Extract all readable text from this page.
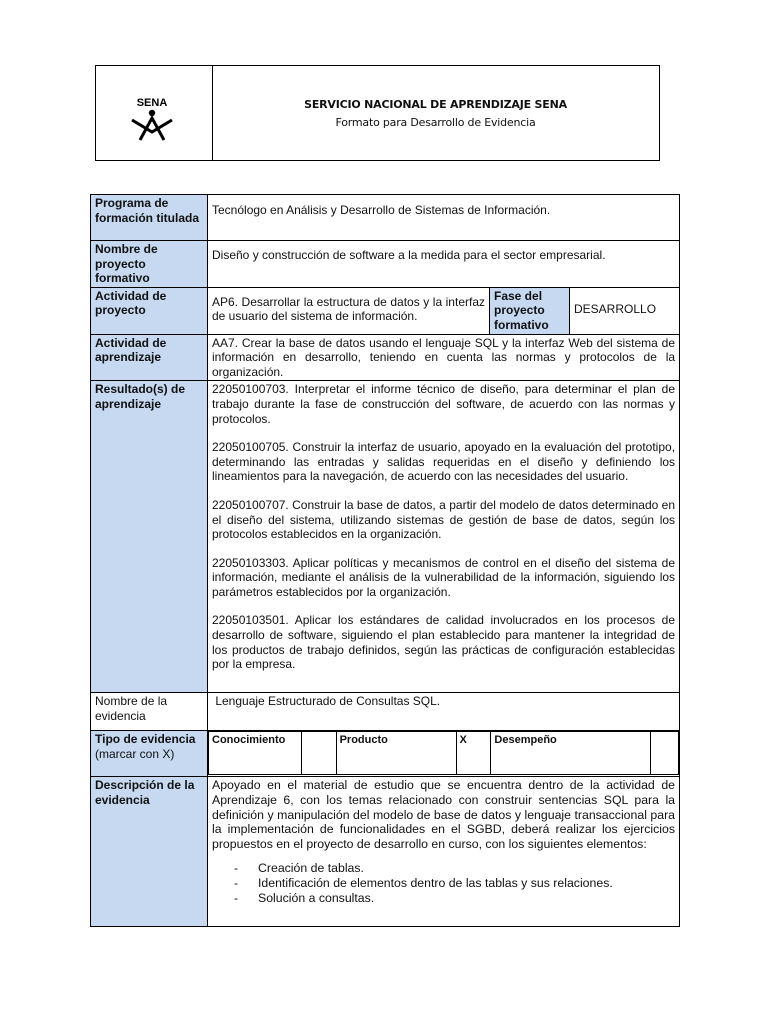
SENA	SERVICIO NACIONAL DE APRENDIZAJE SENA
Formato para Desarrollo de Evidencia
Programa de formación titulada	Tecnólogo en Análisis y Desarrollo de Sistemas de Información.
Nombre de proyecto formativo	Diseño y construcción de software a la medida para el sector empresarial.
Actividad de proyecto	AP6. Desarrollar la estructura de datos y la interfaz de usuario del sistema de información.	Fase del proyecto formativo	DESARROLLO
Actividad de aprendizaje	AA7. Crear la base de datos usando el lenguaje SQL y la interfaz Web del sistema de información en desarrollo, teniendo en cuenta las normas y protocolos de la organización.
Resultado(s) de aprendizaje	

22050100703. Interpretar el informe técnico de diseño, para determinar el plan de trabajo durante la fase de construcción del software, de acuerdo con las normas y protocolos.

22050100705. Construir la interfaz de usuario, apoyado en la evaluación del prototipo, determinando las entradas y salidas requeridas en el diseño y definiendo los lineamientos para la navegación, de acuerdo con las necesidades del usuario.

22050100707. Construir la base de datos, a partir del modelo de datos determinado en el diseño del sistema, utilizando sistemas de gestión de base de datos, según los protocolos establecidos en la organización.

22050103303. Aplicar políticas y mecanismos de control en el diseño del sistema de información, mediante el análisis de la vulnerabilidad de la información, siguiendo los parámetros establecidos por la organización.

22050103501. Aplicar los estándares de calidad involucrados en los procesos de desarrollo de software, siguiendo el plan establecido para mantener la integridad de los productos de trabajo definidos, según las prácticas de configuración establecidas por la empresa.

Nombre de la evidencia	Lenguaje Estructurado de Consultas SQL.
Tipo de evidencia
(marcar con X)	
Conocimiento		Producto	X	Desempeño	

Descripción de la evidencia	
Apoyado en el material de estudio que se encuentra dentro de la actividad de Aprendizaje 6, con los temas relacionado con construir sentencias SQL para la definición y manipulación del modelo de base de datos y lenguaje transaccional para la implementación de funcionalidades en el SGBD, deberá realizar los ejercicios propuestos en el proyecto de desarrollo en curso, con los siguientes elementos:
- Creación de tablas.
- Identificación de elementos dentro de las tablas y sus relaciones.
- Solución a consultas.
